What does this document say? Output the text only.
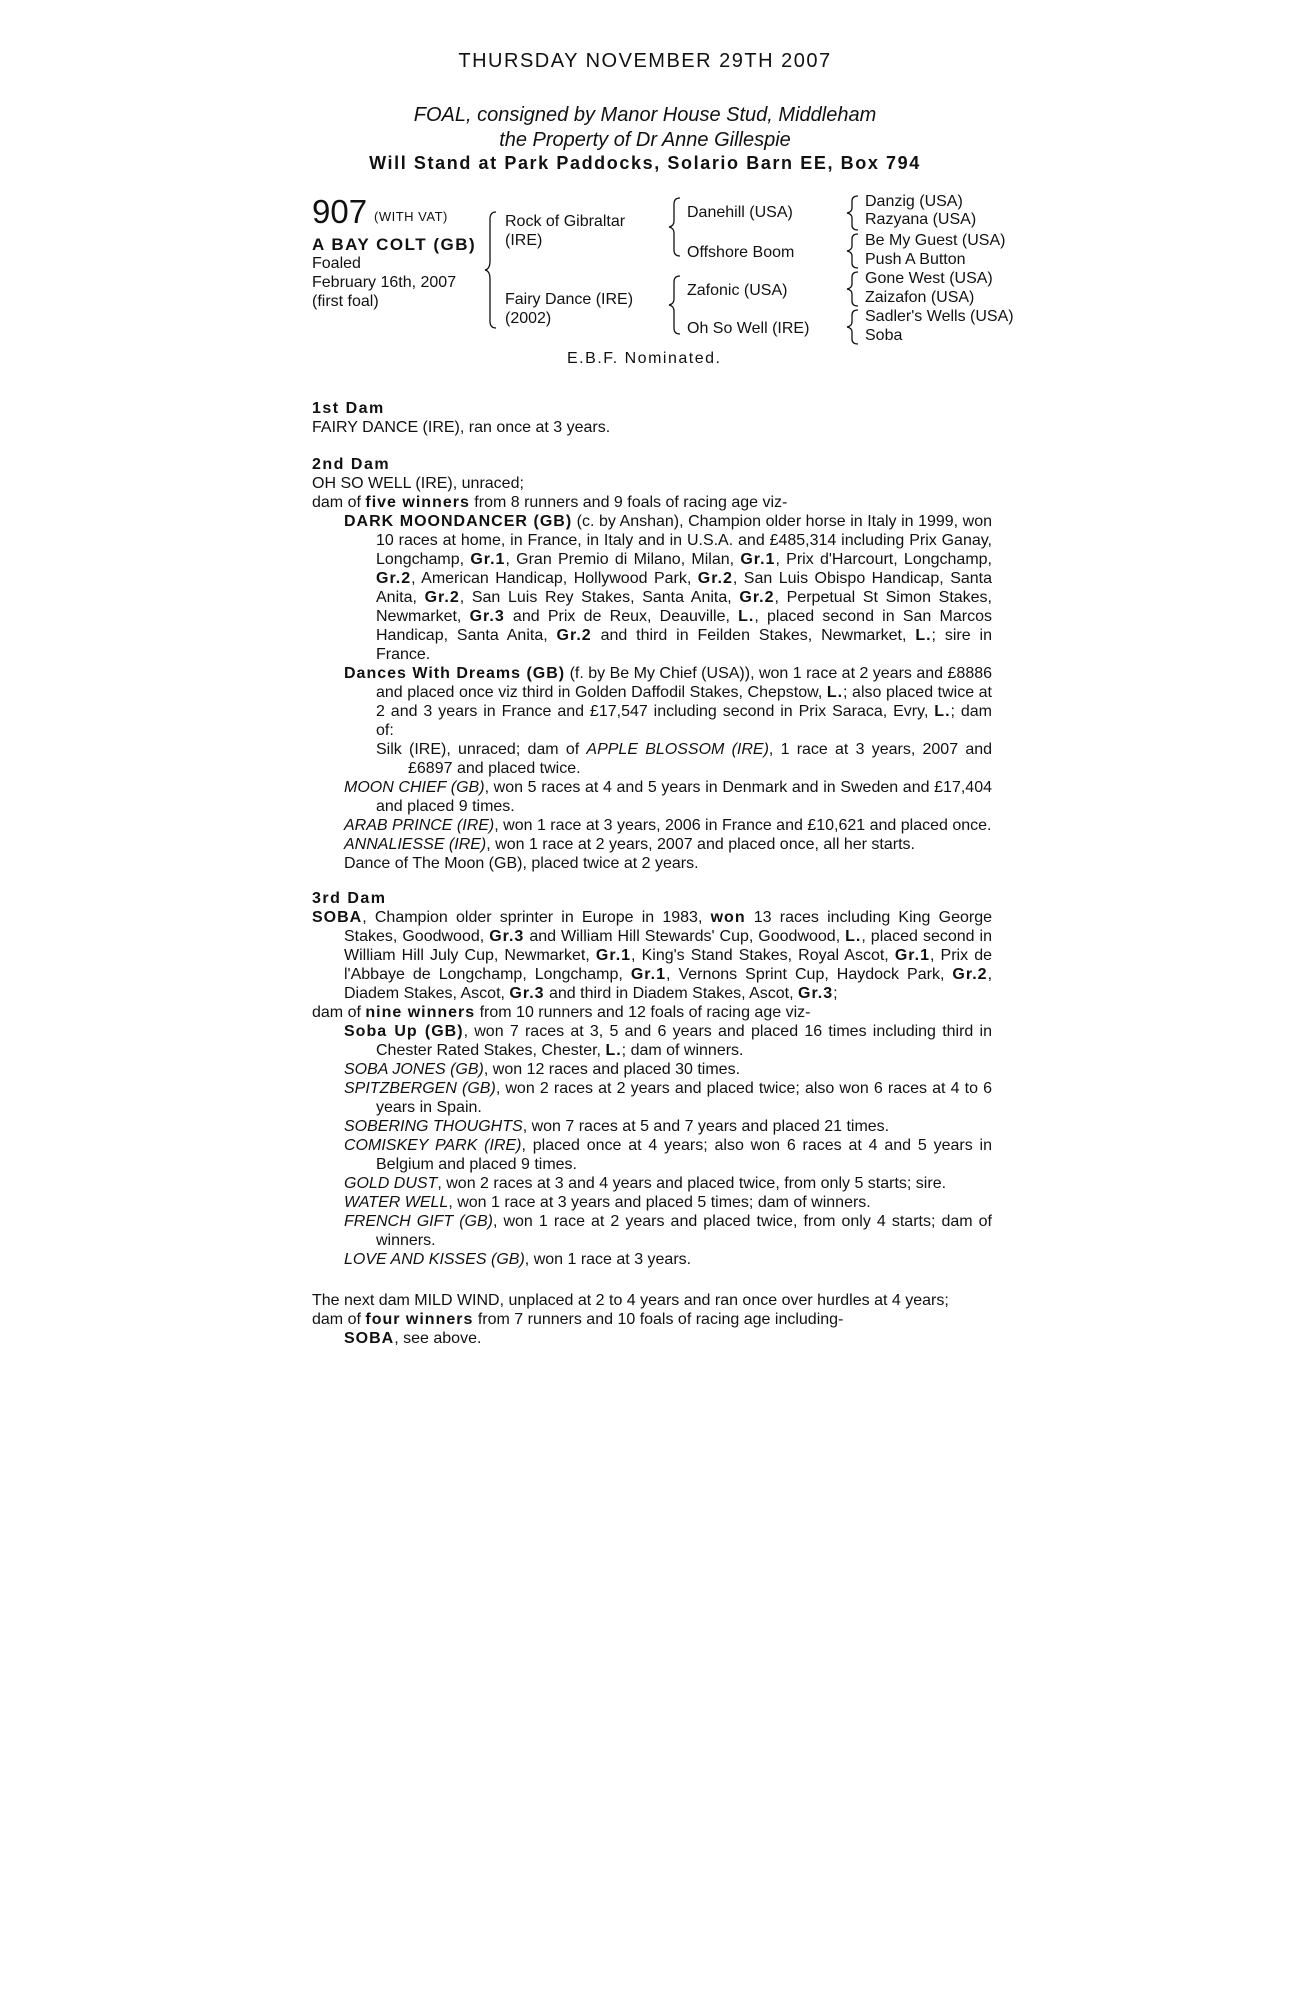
THURSDAY NOVEMBER 29TH 2007
FOAL, consigned by Manor House Stud, Middleham
the Property of Dr Anne Gillespie
Will Stand at Park Paddocks, Solario Barn EE, Box 794
907 (WITH VAT)
A BAY COLT (GB)
Foaled
February 16th, 2007
(first foal)
Rock of Gibraltar
(IRE)
Fairy Dance (IRE)
(2002)
Danehill (USA)
Offshore Boom
Zafonic (USA)
Oh So Well (IRE)
Danzig (USA)
Razyana (USA)
Be My Guest (USA)
Push A Button
Gone West (USA)
Zaizafon (USA)
Sadler's Wells (USA)
Soba
E.B.F. Nominated.

1st Dam

FAIRY DANCE (IRE), ran once at 3 years.

2nd Dam

OH SO WELL (IRE), unraced;

dam of five winners from 8 runners and 9 foals of racing age viz-

DARK MOONDANCER (GB) (c. by Anshan), Champion older horse in Italy in 1999, won 10 races at home, in France, in Italy and in U.S.A. and £485,314 including Prix Ganay, Longchamp, Gr.1, Gran Premio di Milano, Milan, Gr.1, Prix d'Harcourt, Longchamp, Gr.2, American Handicap, Hollywood Park, Gr.2, San Luis Obispo Handicap, Santa Anita, Gr.2, San Luis Rey Stakes, Santa Anita, Gr.2, Perpetual St Simon Stakes, Newmarket, Gr.3 and Prix de Reux, Deauville, L., placed second in San Marcos Handicap, Santa Anita, Gr.2 and third in Feilden Stakes, Newmarket, L.; sire in France.

Dances With Dreams (GB) (f. by Be My Chief (USA)), won 1 race at 2 years and £8886 and placed once viz third in Golden Daffodil Stakes, Chepstow, L.; also placed twice at 2 and 3 years in France and £17,547 including second in Prix Saraca, Evry, L.; dam of:

Silk (IRE), unraced; dam of APPLE BLOSSOM (IRE), 1 race at 3 years, 2007 and £6897 and placed twice.

MOON CHIEF (GB), won 5 races at 4 and 5 years in Denmark and in Sweden and £17,404 and placed 9 times.

ARAB PRINCE (IRE), won 1 race at 3 years, 2006 in France and £10,621 and placed once.

ANNALIESSE (IRE), won 1 race at 2 years, 2007 and placed once, all her starts.

Dance of The Moon (GB), placed twice at 2 years.

3rd Dam

SOBA, Champion older sprinter in Europe in 1983, won 13 races including King George Stakes, Goodwood, Gr.3 and William Hill Stewards' Cup, Goodwood, L., placed second in William Hill July Cup, Newmarket, Gr.1, King's Stand Stakes, Royal Ascot, Gr.1, Prix de l'Abbaye de Longchamp, Longchamp, Gr.1, Vernons Sprint Cup, Haydock Park, Gr.2, Diadem Stakes, Ascot, Gr.3 and third in Diadem Stakes, Ascot, Gr.3;

dam of nine winners from 10 runners and 12 foals of racing age viz-

Soba Up (GB), won 7 races at 3, 5 and 6 years and placed 16 times including third in Chester Rated Stakes, Chester, L.; dam of winners.

SOBA JONES (GB), won 12 races and placed 30 times.

SPITZBERGEN (GB), won 2 races at 2 years and placed twice; also won 6 races at 4 to 6 years in Spain.

SOBERING THOUGHTS, won 7 races at 5 and 7 years and placed 21 times.

COMISKEY PARK (IRE), placed once at 4 years; also won 6 races at 4 and 5 years in Belgium and placed 9 times.

GOLD DUST, won 2 races at 3 and 4 years and placed twice, from only 5 starts; sire.

WATER WELL, won 1 race at 3 years and placed 5 times; dam of winners.

FRENCH GIFT (GB), won 1 race at 2 years and placed twice, from only 4 starts; dam of winners.

LOVE AND KISSES (GB), won 1 race at 3 years.

The next dam MILD WIND, unplaced at 2 to 4 years and ran once over hurdles at 4 years;

dam of four winners from 7 runners and 10 foals of racing age including-

SOBA, see above.
